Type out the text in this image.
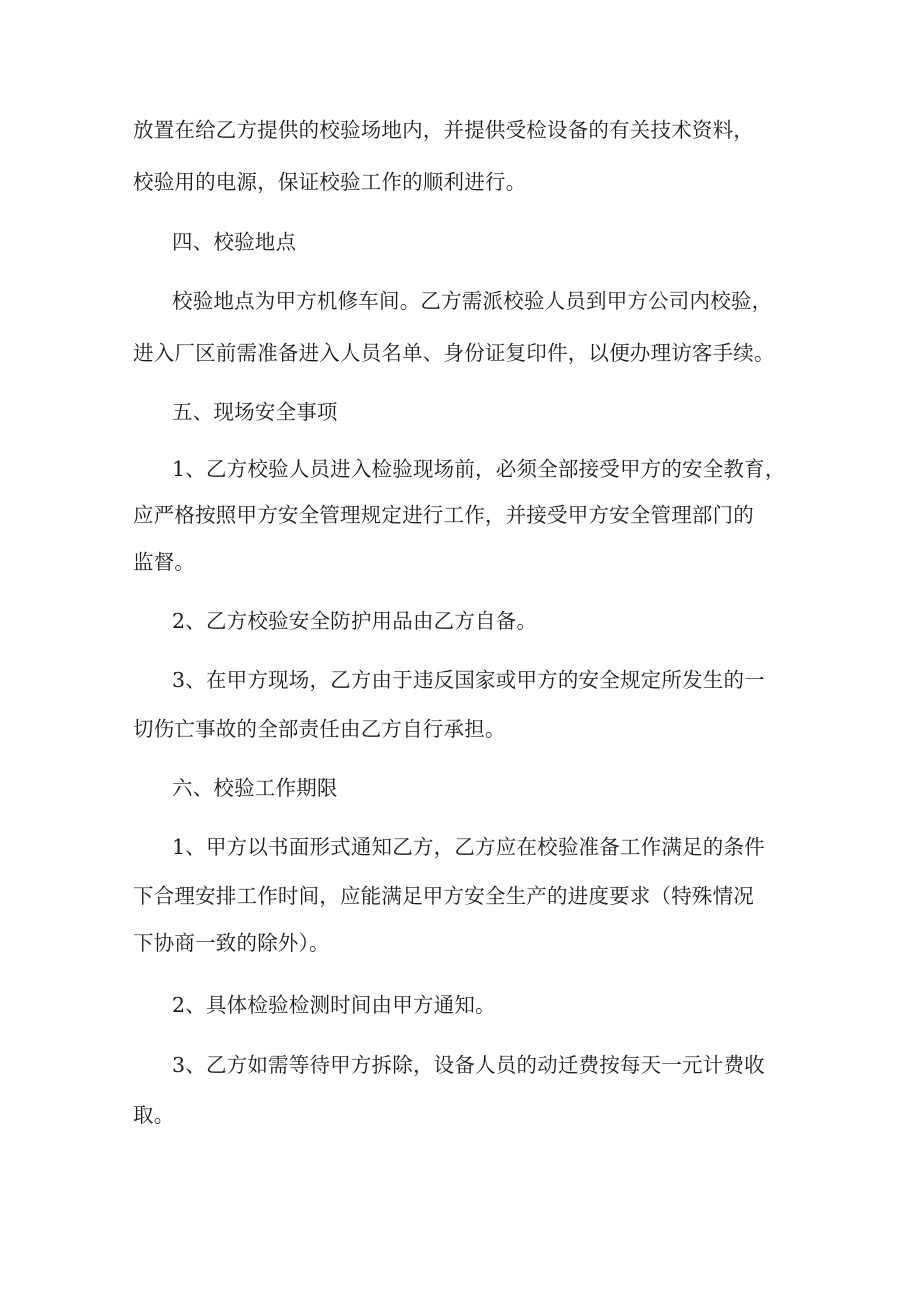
放置在给乙方提供的校验场地内，并提供受检设备的有关技术资料，
校验用的电源，保证校验工作的顺利进行。
四、校验地点
校验地点为甲方机修车间。乙方需派校验人员到甲方公司内校验，
进入厂区前需准备进入人员名单、身份证复印件，以便办理访客手续。
五、现场安全事项
1、乙方校验人员进入检验现场前，必须全部接受甲方的安全教育，
应严格按照甲方安全管理规定进行工作，并接受甲方安全管理部门的
监督。
2、乙方校验安全防护用品由乙方自备。
3、在甲方现场，乙方由于违反国家或甲方的安全规定所发生的一
切伤亡事故的全部责任由乙方自行承担。
六、校验工作期限
1、甲方以书面形式通知乙方，乙方应在校验准备工作满足的条件
下合理安排工作时间，应能满足甲方安全生产的进度要求（特殊情况
下协商一致的除外）。
2、具体检验检测时间由甲方通知。
3、乙方如需等待甲方拆除，设备人员的动迁费按每天一元计费收
取。
